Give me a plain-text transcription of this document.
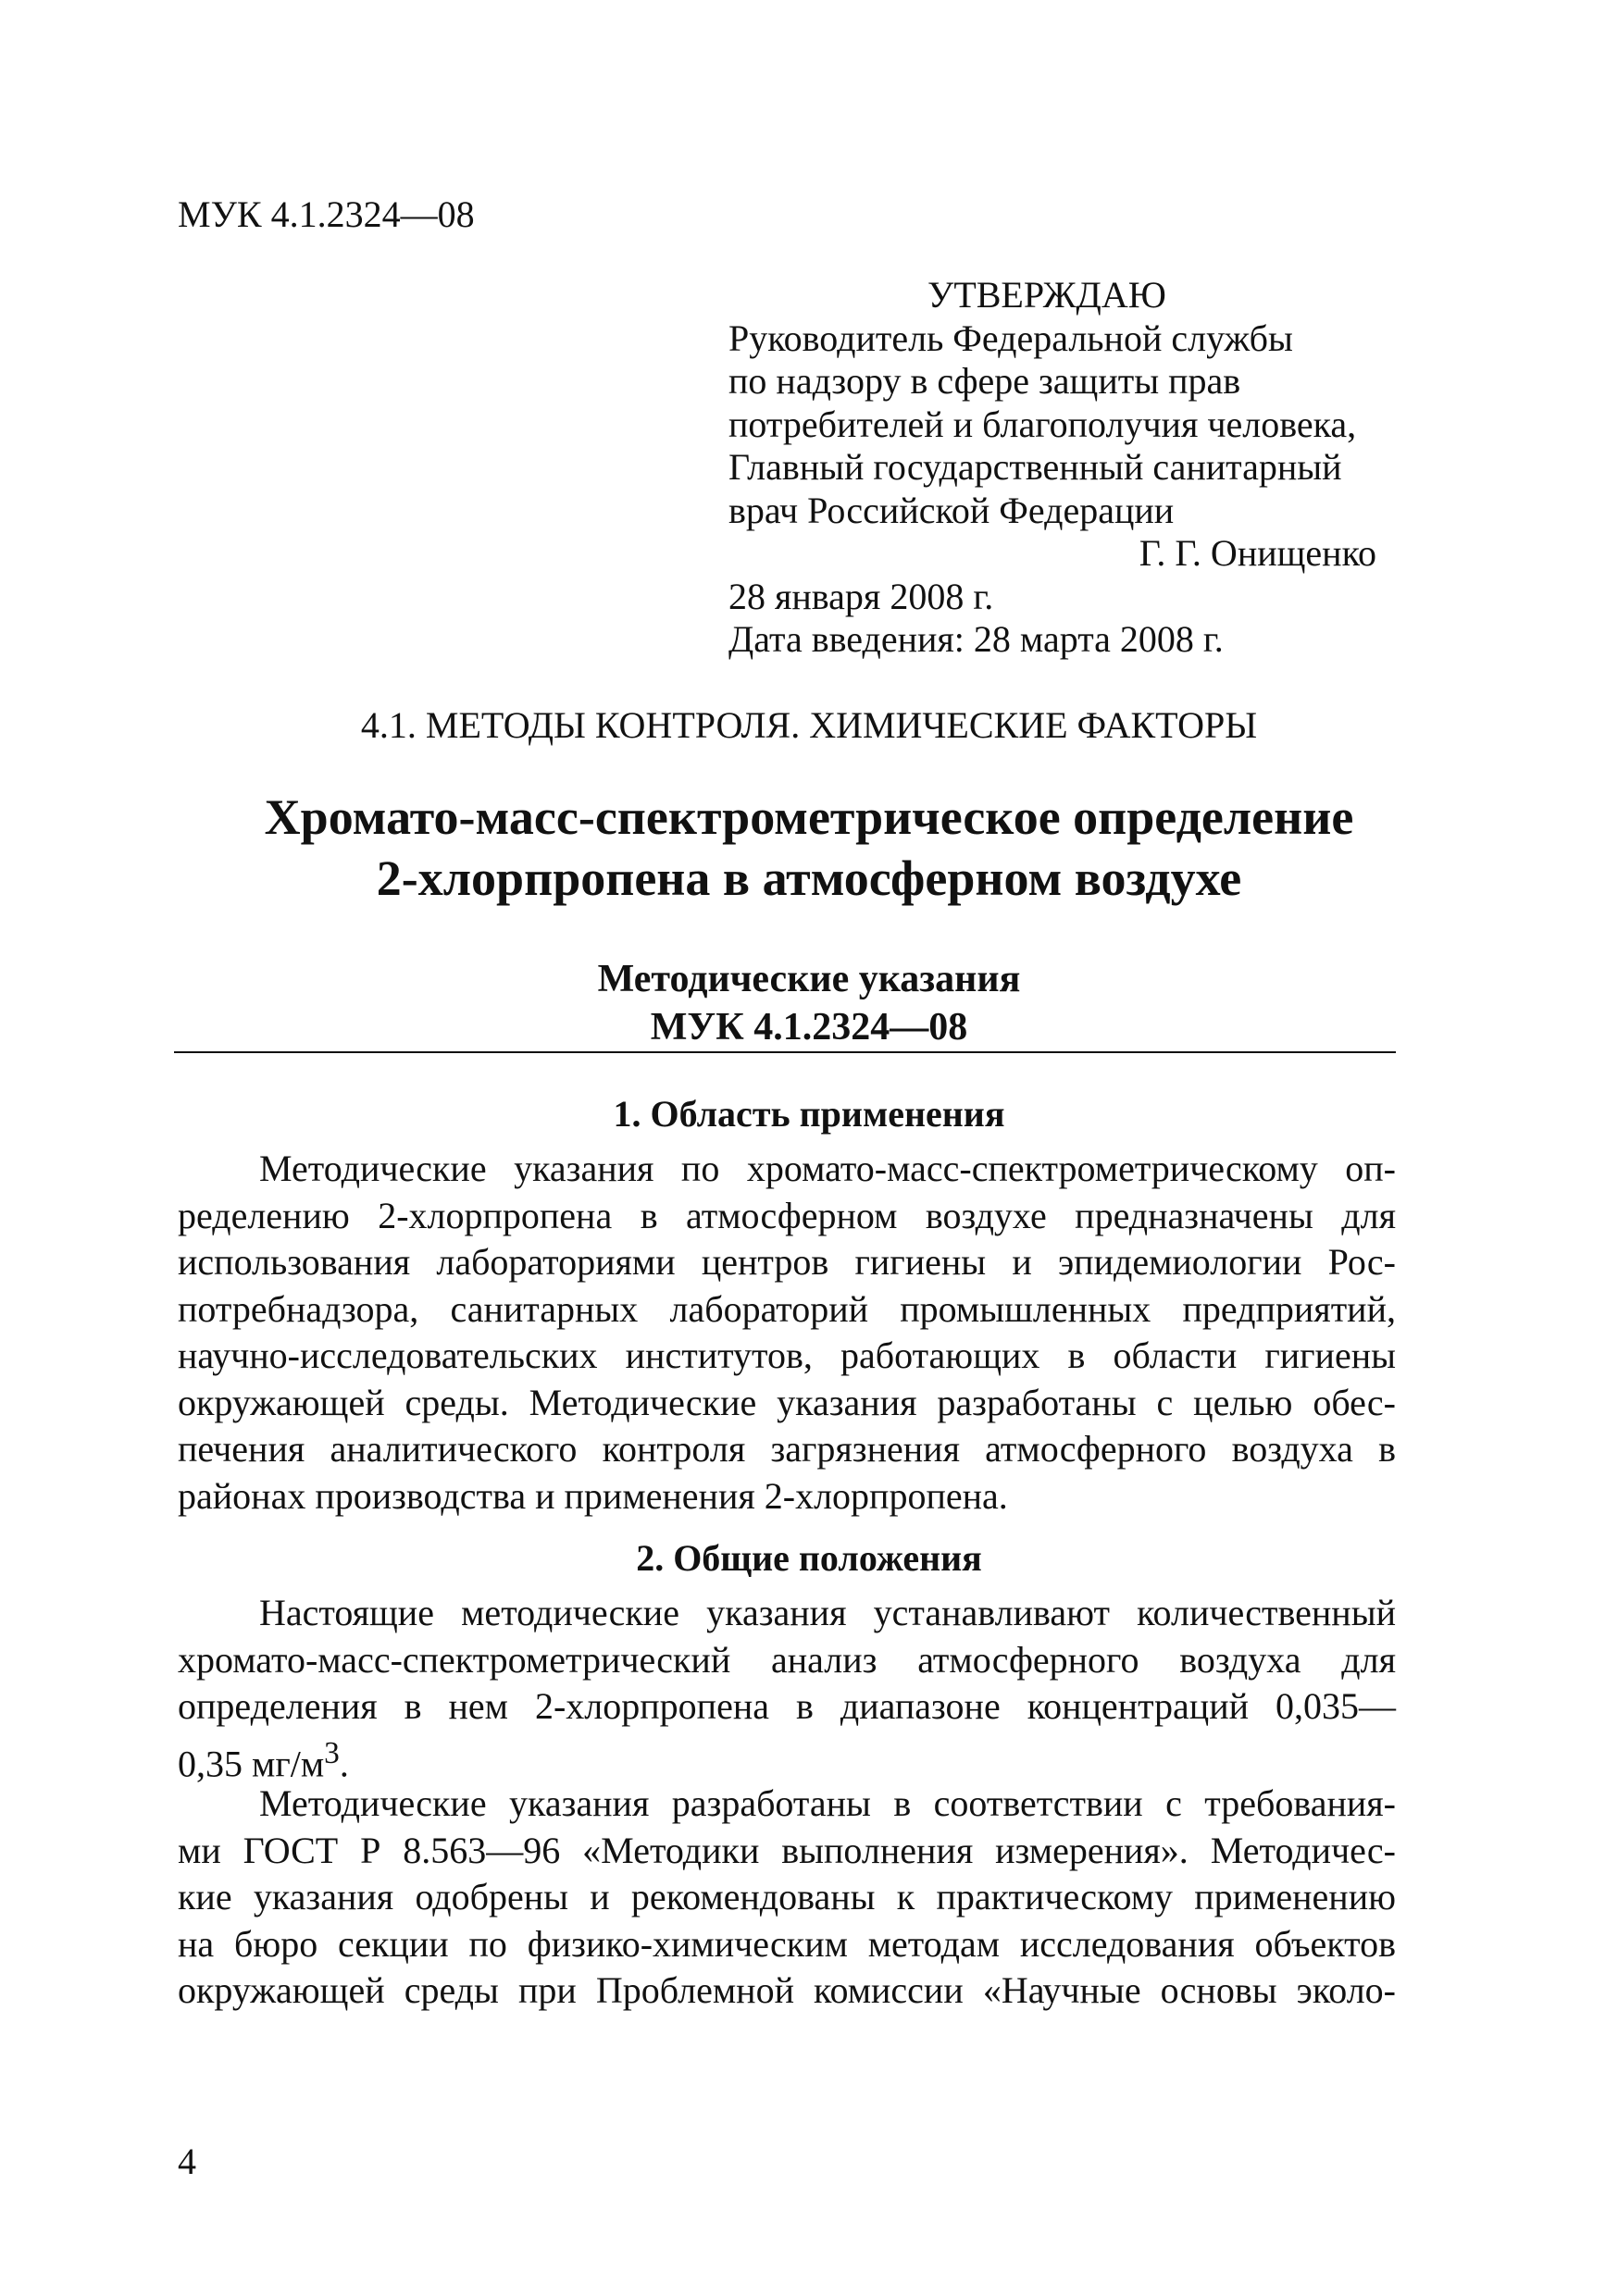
МУК 4.1.2324—08
УТВЕРЖДАЮ
Руководитель Федеральной службы
по надзору в сфере защиты прав
потребителей и благополучия человека,
Главный государственный санитарный
врач Российской Федерации
Г. Г. Онищенко
28 января 2008 г.
Дата введения: 28 марта 2008 г.
4.1. МЕТОДЫ КОНТРОЛЯ. ХИМИЧЕСКИЕ ФАКТОРЫ
Хромато-масс-спектрометрическое определение
2-хлорпропена в атмосферном воздухе
Методические указания
МУК 4.1.2324—08
1. Область применения
Методические указания по хромато-масс-спектрометрическому оп-
ределению 2-хлорпропена в атмосферном воздухе предназначены для
использования лабораториями центров гигиены и эпидемиологии Рос-
потребнадзора, санитарных лабораторий промышленных предприятий,
научно-исследовательских институтов, работающих в области гигиены
окружающей среды. Методические указания разработаны с целью обес-
печения аналитического контроля загрязнения атмосферного воздуха в
районах производства и применения 2-хлорпропена.
2. Общие положения
Настоящие методические указания устанавливают количественный
хромато-масс-спектрометрический анализ атмосферного воздуха для
определения в нем 2-хлорпропена в диапазоне концентраций 0,035—
0,35 $мг/м^3$.
Методические указания разработаны в соответствии с требования-
ми ГОСТ Р 8.563—96 «Методики выполнения измерения». Методичес-
кие указания одобрены и рекомендованы к практическому применению
на бюро секции по физико-химическим методам исследования объектов
окружающей среды при Проблемной комиссии «Научные основы эколо-
4
